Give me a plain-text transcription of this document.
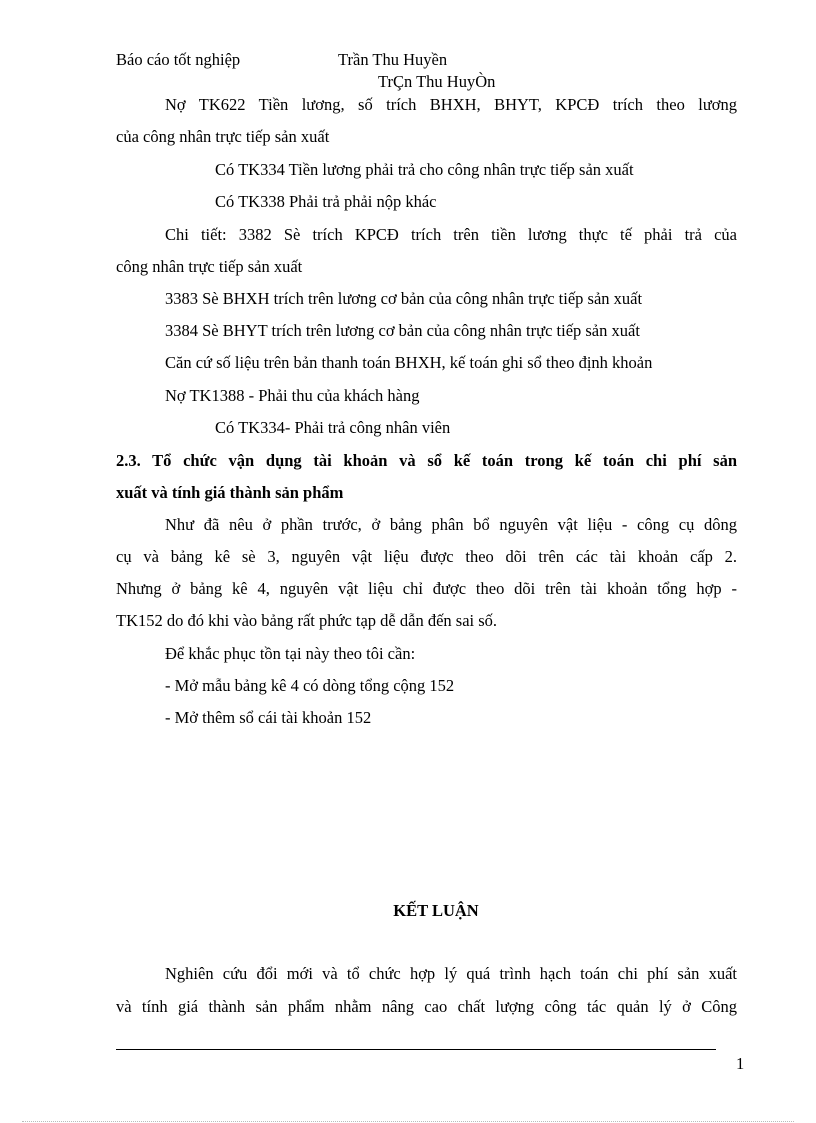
Báo cáo tốt nghiệp	Trần Thu Huyền
TrÇn Thu HuyÒn
Nợ TK622 Tiền lương, số trích BHXH, BHYT, KPCĐ trích theo lương
của công nhân trực tiếp sản xuất
Có TK334 Tiền lương phải trả cho công nhân trực tiếp sản xuất
Có TK338 Phải trả phải nộp khác
Chi tiết: 3382 Sè trích KPCĐ trích trên tiền lương thực tế phải trả của
công nhân trực tiếp sản xuất
3383 Sè BHXH trích trên lương cơ bản của công nhân trực tiếp sản xuất
3384 Sè BHYT trích trên lương cơ bản của công nhân trực tiếp sản xuất
Căn cứ số liệu trên bản thanh toán BHXH, kế toán ghi sổ theo định khoản
Nợ TK1388 - Phải thu của khách hàng
Có TK334- Phải trả công nhân viên
2.3. Tổ chức vận dụng tài khoản và sổ kế toán trong kế toán chi phí sản
xuất và tính giá thành sản phẩm
Như đã nêu ở phần trước, ở bảng phân bổ nguyên vật liệu - công cụ dông
cụ và bảng kê sè 3, nguyên vật liệu được theo dõi trên các tài khoản cấp 2.
Nhưng ở bảng kê 4, nguyên vật liệu chỉ được theo dõi trên tài khoản tổng hợp -
TK152 do đó khi vào bảng rất phức tạp dễ dẫn đến sai số.
Để khắc phục tồn tại này theo tôi cần:
- Mở mẫu bảng kê 4 có dòng tổng cộng 152
- Mở thêm sổ cái tài khoản 152
KẾT LUẬN
Nghiên cứu đổi mới và tổ chức hợp lý quá trình hạch toán chi phí sản xuất
và tính giá thành sản phẩm nhằm nâng cao chất lượng công tác quản lý ở Công
1
